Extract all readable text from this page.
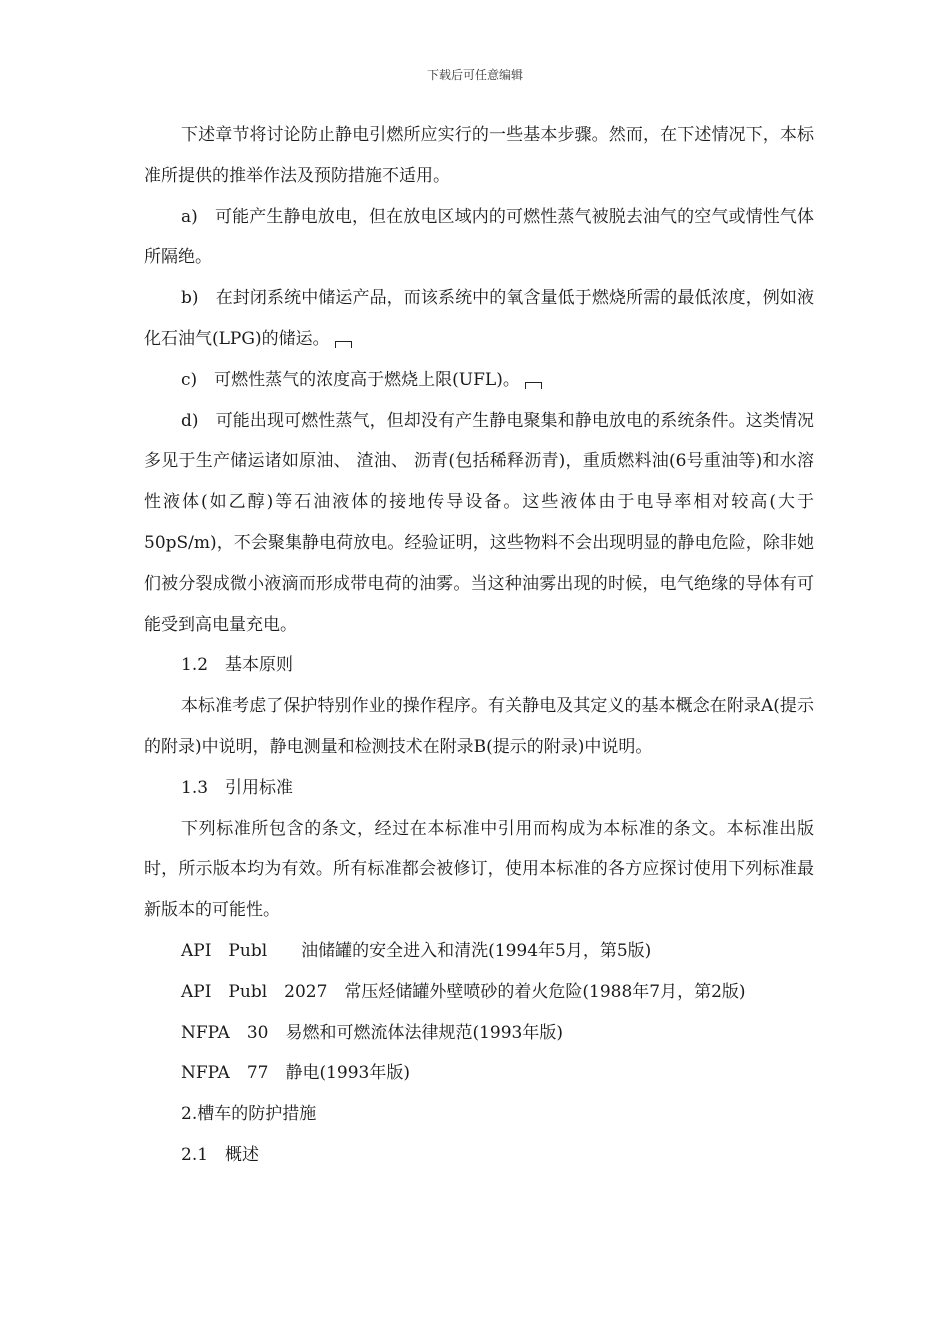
下载后可任意编辑

下述章节将讨论防止静电引燃所应实行的一些基本步骤。然而，在下述情况下，本标准所提供的推举作法及预防措施不适用。

a)　可能产生静电放电，但在放电区域内的可燃性蒸气被脱去油气的空气或情性气体所隔绝。

b)　在封闭系统中储运产品，而该系统中的氧含量低于燃烧所需的最低浓度，例如液化石油气(LPG)的储运。

c)　可燃性蒸气的浓度高于燃烧上限(UFL)。

d)　可能出现可燃性蒸气，但却没有产生静电聚集和静电放电的系统条件。这类情况多见于生产储运诸如原油、 渣油、 沥青(包括稀释沥青)，重质燃料油(6号重油等)和水溶性液体(如乙醇)等石油液体的接地传导设备。这些液体由于电导率相对较高(大于50pS/m)，不会聚集静电荷放电。经验证明，这些物料不会出现明显的静电危险，除非她们被分裂成微小液滴而形成带电荷的油雾。当这种油雾出现的时候，电气绝缘的导体有可能受到高电量充电。

1.2　基本原则

本标准考虑了保护特别作业的操作程序。有关静电及其定义的基本概念在附录A(提示的附录)中说明，静电测量和检测技术在附录B(提示的附录)中说明。

1.3　引用标准

下列标准所包含的条文，经过在本标准中引用而构成为本标准的条文。本标准出版时，所示版本均为有效。所有标准都会被修订，使用本标准的各方应探讨使用下列标准最新版本的可能性。

API　Publ　　油储罐的安全进入和清洗(1994年5月，第5版)

API　Publ　2027　常压烃储罐外壁喷砂的着火危险(1988年7月，第2版)

NFPA　30　易燃和可燃流体法律规范(1993年版)

NFPA　77　静电(1993年版)

2.槽车的防护措施

2.1　概述
